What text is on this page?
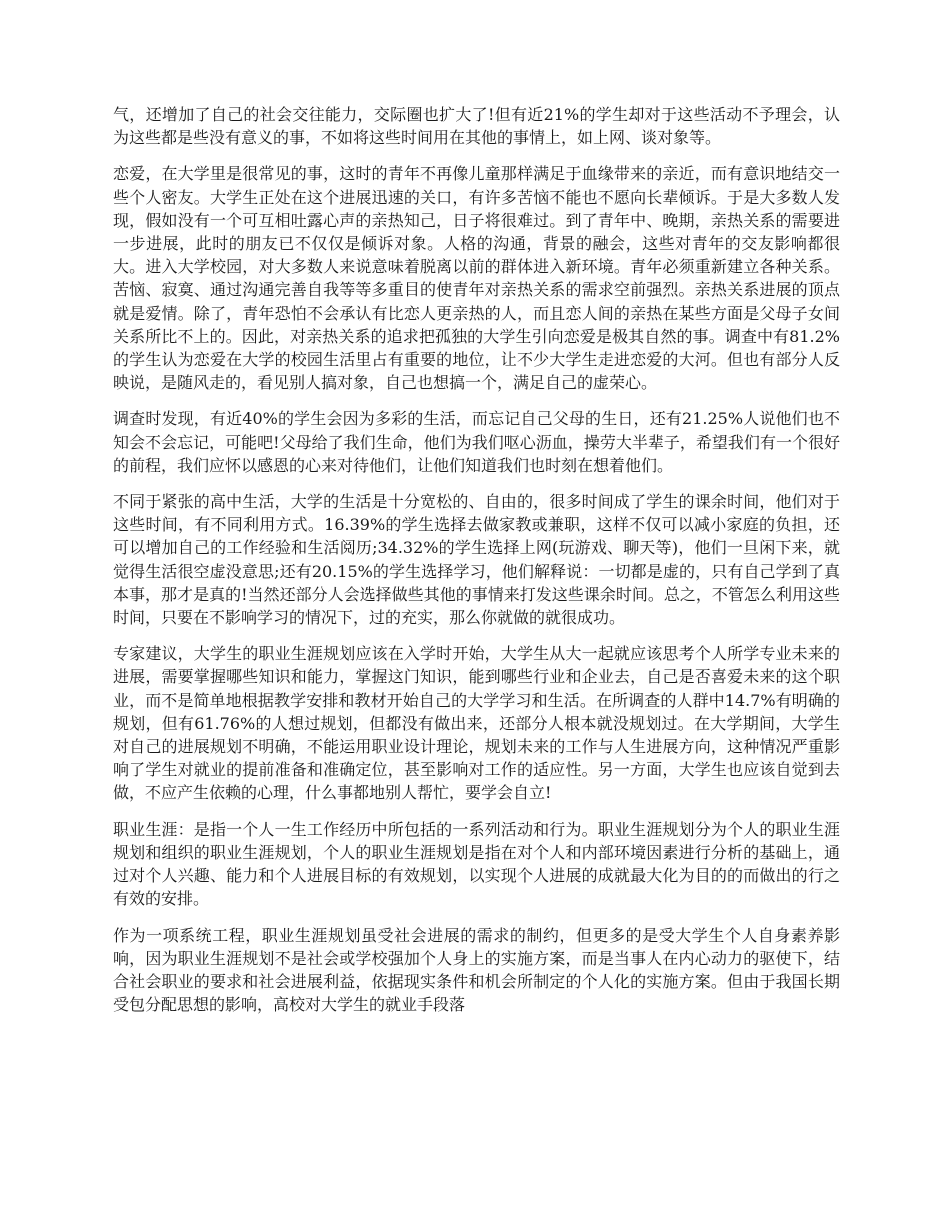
气，还增加了自己的社会交往能力，交际圈也扩大了!但有近21%的学生却对于这些活动不予理会，认为这些都是些没有意义的事，不如将这些时间用在其他的事情上，如上网、谈对象等。

恋爱，在大学里是很常见的事，这时的青年不再像儿童那样满足于血缘带来的亲近，而有意识地结交一些个人密友。大学生正处在这个进展迅速的关口，有许多苦恼不能也不愿向长辈倾诉。于是大多数人发现，假如没有一个可互相吐露心声的亲热知己，日子将很难过。到了青年中、晚期，亲热关系的需要进一步进展，此时的朋友已不仅仅是倾诉对象。人格的沟通，背景的融会，这些对青年的交友影响都很大。进入大学校园，对大多数人来说意味着脱离以前的群体进入新环境。青年必须重新建立各种关系。苦恼、寂寞、通过沟通完善自我等等多重目的使青年对亲热关系的需求空前强烈。亲热关系进展的顶点就是爱情。除了，青年恐怕不会承认有比恋人更亲热的人，而且恋人间的亲热在某些方面是父母子女间关系所比不上的。因此，对亲热关系的追求把孤独的大学生引向恋爱是极其自然的事。调查中有81.2%的学生认为恋爱在大学的校园生活里占有重要的地位，让不少大学生走进恋爱的大河。但也有部分人反映说，是随风走的，看见别人搞对象，自己也想搞一个，满足自己的虚荣心。

调查时发现，有近40%的学生会因为多彩的生活，而忘记自己父母的生日，还有21.25%人说他们也不知会不会忘记，可能吧!父母给了我们生命，他们为我们呕心沥血，操劳大半辈子，希望我们有一个很好的前程，我们应怀以感恩的心来对待他们，让他们知道我们也时刻在想着他们。

不同于紧张的高中生活，大学的生活是十分宽松的、自由的，很多时间成了学生的课余时间，他们对于这些时间，有不同利用方式。16.39%的学生选择去做家教或兼职，这样不仅可以减小家庭的负担，还可以增加自己的工作经验和生活阅历;34.32%的学生选择上网(玩游戏、聊天等)，他们一旦闲下来，就觉得生活很空虚没意思;还有20.15%的学生选择学习，他们解释说：一切都是虚的，只有自己学到了真本事，那才是真的!当然还部分人会选择做些其他的事情来打发这些课余时间。总之，不管怎么利用这些时间，只要在不影响学习的情况下，过的充实，那么你就做的就很成功。

专家建议，大学生的职业生涯规划应该在入学时开始，大学生从大一起就应该思考个人所学专业未来的进展，需要掌握哪些知识和能力，掌握这门知识，能到哪些行业和企业去，自己是否喜爱未来的这个职业，而不是简单地根据教学安排和教材开始自己的大学学习和生活。在所调查的人群中14.7%有明确的规划，但有61.76%的人想过规划，但都没有做出来，还部分人根本就没规划过。在大学期间，大学生对自己的进展规划不明确，不能运用职业设计理论，规划未来的工作与人生进展方向，这种情况严重影响了学生对就业的提前准备和准确定位，甚至影响对工作的适应性。另一方面，大学生也应该自觉到去做，不应产生依赖的心理，什么事都地别人帮忙，要学会自立!

职业生涯：是指一个人一生工作经历中所包括的一系列活动和行为。职业生涯规划分为个人的职业生涯规划和组织的职业生涯规划，个人的职业生涯规划是指在对个人和内部环境因素进行分析的基础上，通过对个人兴趣、能力和个人进展目标的有效规划，以实现个人进展的成就最大化为目的的而做出的行之有效的安排。

作为一项系统工程，职业生涯规划虽受社会进展的需求的制约，但更多的是受大学生个人自身素养影响，因为职业生涯规划不是社会或学校强加个人身上的实施方案，而是当事人在内心动力的驱使下，结合社会职业的要求和社会进展利益，依据现实条件和机会所制定的个人化的实施方案。但由于我国长期受包分配思想的影响，高校对大学生的就业手段落
